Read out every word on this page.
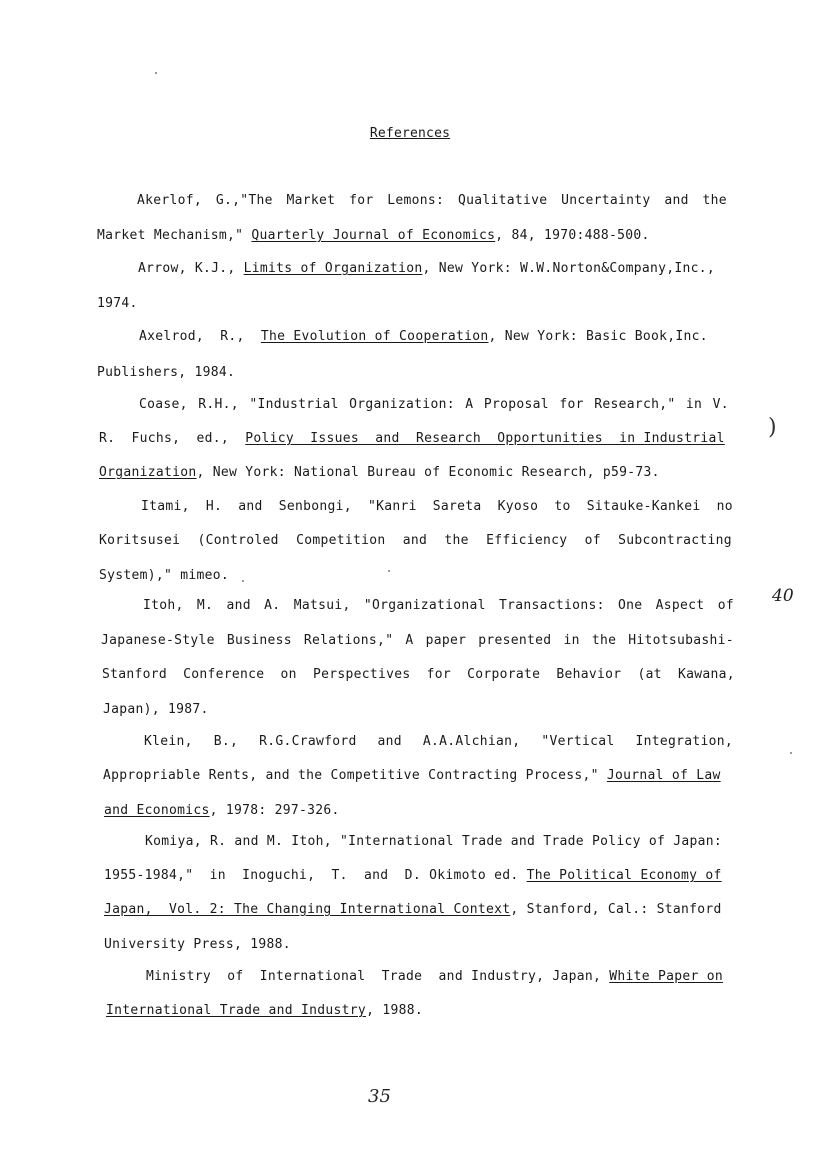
References
Akerlof, G.,"The Market for Lemons: Qualitative Uncertainty and the
Market Mechanism," Quarterly Journal of Economics, 84, 1970:488-500.
Arrow, K.J., Limits of Organization, New York: W.W.Norton&Company,Inc.,
1974.
Axelrod,  R.,  The Evolution of Cooperation, New York: Basic Book,Inc.
Publishers, 1984.
Coase, R.H., "Industrial Organization: A Proposal for Research," in V.
R.  Fuchs,  ed.,  Policy  Issues  and  Research  Opportunities  in Industrial
Organization, New York: National Bureau of Economic Research, p59-73.
Itami, H. and Senbongi, "Kanri Sareta Kyoso to Sitauke-Kankei no
Koritsusei (Controled Competition and the Efficiency of Subcontracting
System)," mimeo.
Itoh, M. and A. Matsui, "Organizational Transactions: One Aspect of
Japanese-Style Business Relations," A paper presented in the Hitotsubashi-
Stanford Conference on Perspectives for Corporate Behavior (at Kawana,
Japan), 1987.
Klein, B., R.G.Crawford and A.A.Alchian, "Vertical Integration,
Appropriable Rents, and the Competitive Contracting Process," Journal of Law
and Economics, 1978: 297-326.
Komiya, R. and M. Itoh, "International Trade and Trade Policy of Japan:
1955-1984,"  in  Inoguchi,  T.  and  D. Okimoto ed. The Political Economy of
Japan,  Vol. 2: The Changing International Context, Stanford, Cal.: Stanford
University Press, 1988.
Ministry  of  International  Trade  and Industry, Japan, White Paper on
International Trade and Industry, 1988.
40
)
35
